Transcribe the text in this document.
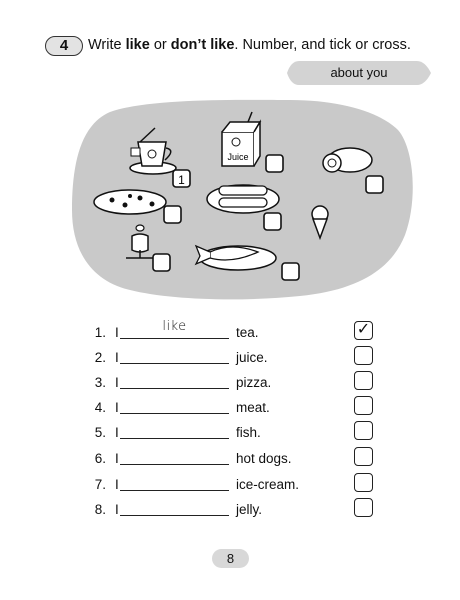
4	Write like or don’t like. Number, and tick or cross.
about you
Juice
1
1. I	like	tea.	✓
2. I	juice.
3. I	pizza.
4. I	meat.
5. I	fish.
6. I	hot dogs.
7. I	ice-cream.
8. I	jelly.
8
